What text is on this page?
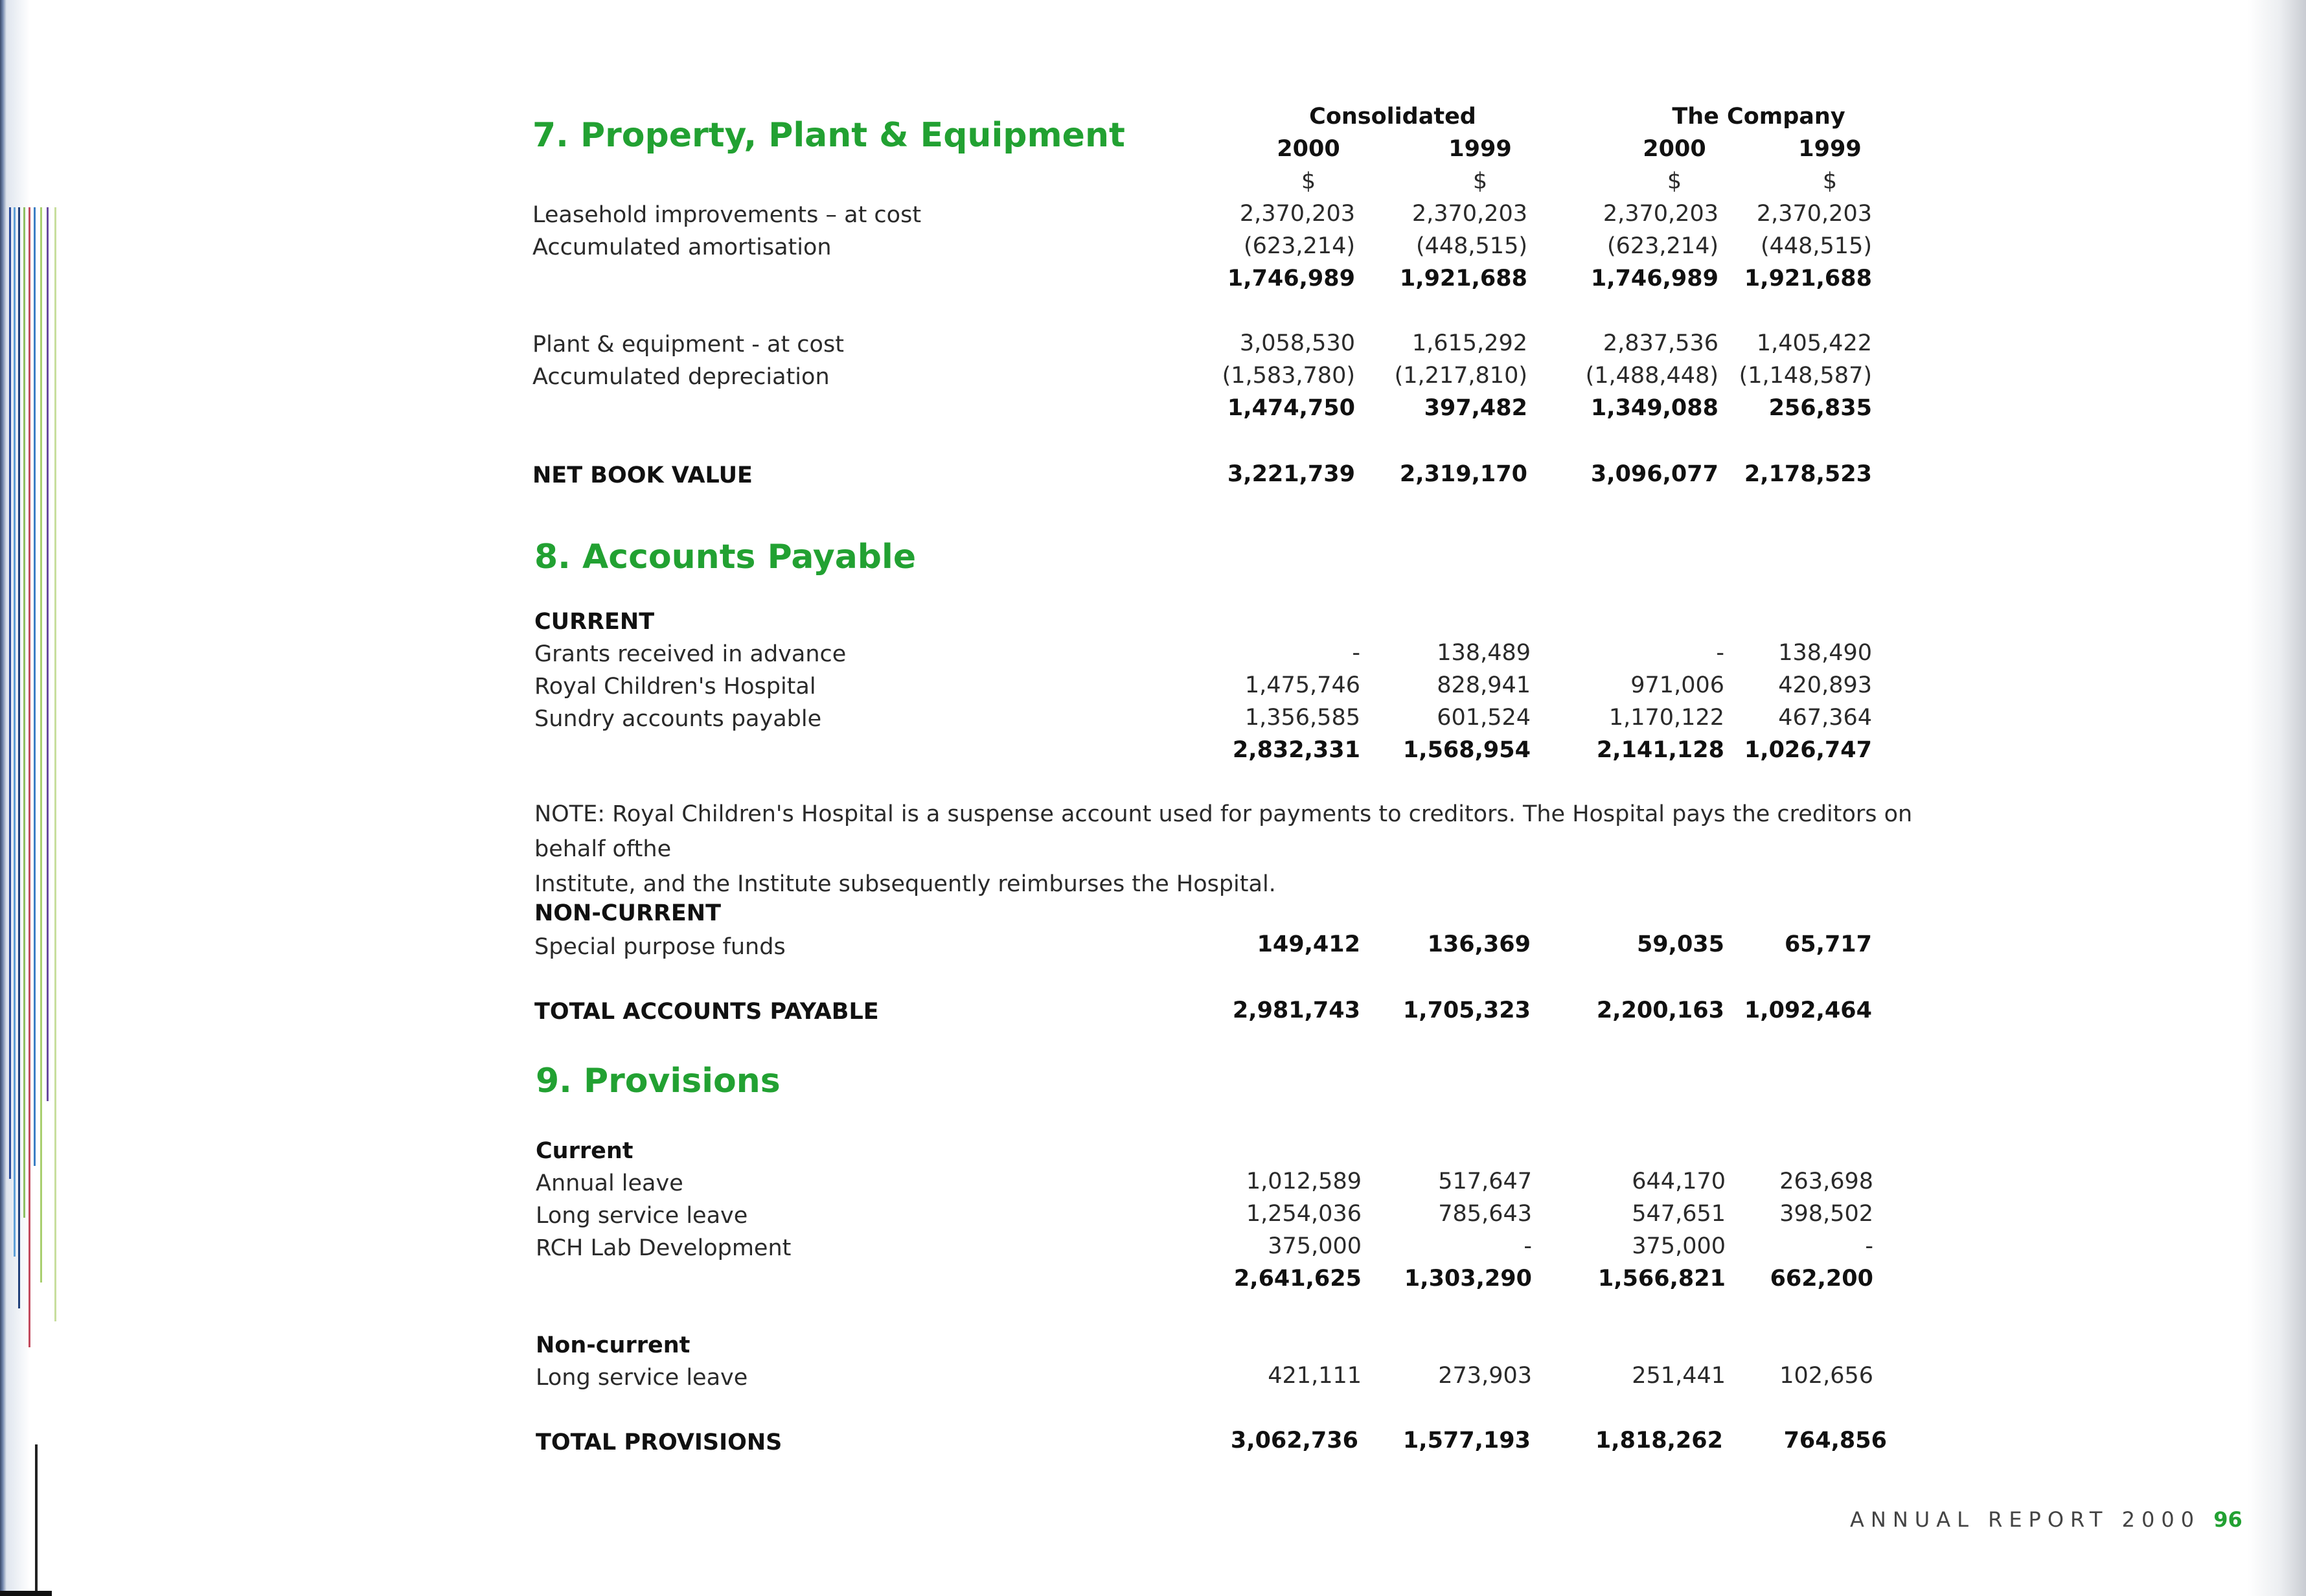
Consolidated	The Company
2000	1999	2000	1999
$	$	$	$
7. Property, Plant & Equipment
Leasehold improvements – at cost	2,370,203	2,370,203	2,370,203	2,370,203
Accumulated amortisation	(623,214)	(448,515)	(623,214)	(448,515)
1,746,989	1,921,688	1,746,989	1,921,688
Plant & equipment - at cost	3,058,530	1,615,292	2,837,536	1,405,422
Accumulated depreciation	(1,583,780)	(1,217,810)	(1,488,448) (1,148,587)
1,474,750	397,482	1,349,088	256,835
NET BOOK VALUE	3,221,739	2,319,170	3,096,077	2,178,523
8. Accounts Payable
CURRENT
Grants received in advance	-	138,489	-	138,490
Royal Children's Hospital	1,475,746	828,941	971,006	420,893
Sundry accounts payable	1,356,585	601,524	1,170,122	467,364
2,832,331	1,568,954	2,141,128 1,026,747
NOTE: Royal Children's Hospital is a suspense account used for payments to creditors. The Hospital pays the creditors on behalf ofthe
Institute, and the Institute subsequently reimburses the Hospital.
NON-CURRENT
Special purpose funds	149,412	136,369	59,035	65,717
TOTAL ACCOUNTS PAYABLE	2,981,743	1,705,323	2,200,163 1,092,464
9. Provisions
Current
Annual leave	1,012,589	517,647	644,170	263,698
Long service leave	1,254,036	785,643	547,651	398,502
RCH Lab Development	375,000	-	375,000	-
2,641,625	1,303,290	1,566,821	662,200
Non-current
Long service leave	421,111	273,903	251,441	102,656
TOTAL PROVISIONS	3,062,736	1,577,193	1,818,262	764,856
ANNUAL REPORT 2000 96
